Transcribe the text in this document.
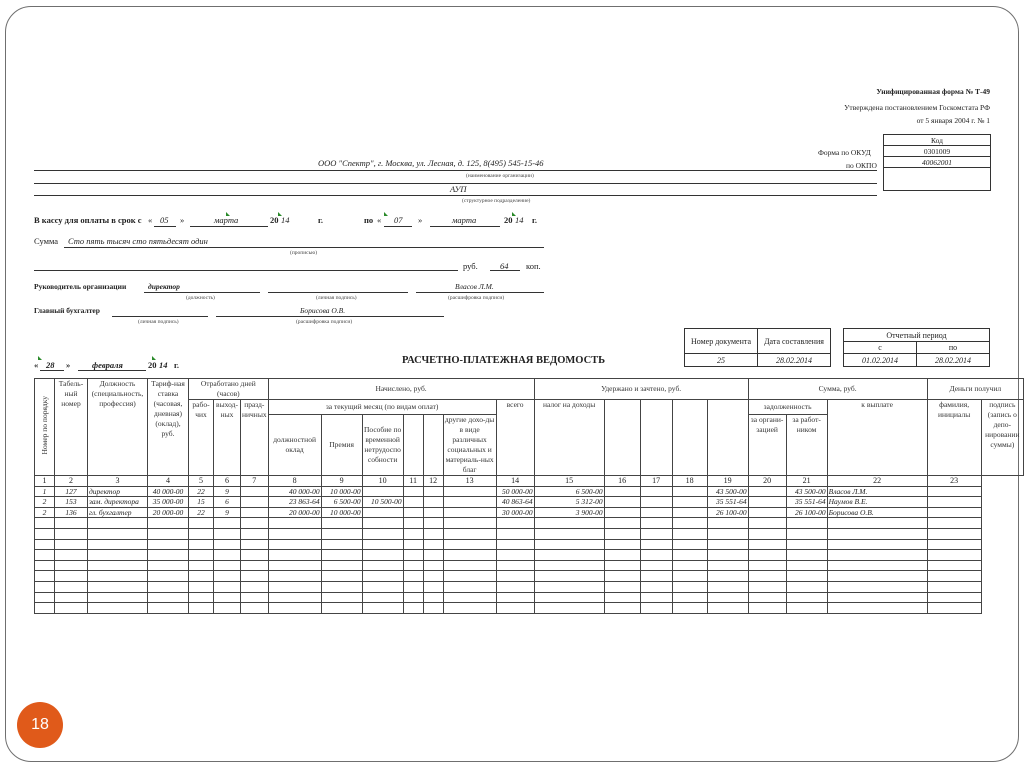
Унифицированная форма № Т-49
Утверждена постановлением Госкомстата РФ
от 5 января 2004 г. № 1
Код
0301009
40062001

Форма по ОКУД
по ОКПО
ООО "Спектр", г. Москва, ул. Лесная, д. 125, 8(495) 545-15-46
(наименование организации)
АУП
(структурное подразделение)
В кассу для оплаты в срок с « 05 »	марта	20 14	г.	по « 07 »	марта	20 14 г.
Сумма Сто пять тысяч сто пятьдесят один
(прописью)
руб.	64 коп.
Руководитель организации	директор
(должность)	(личная подпись)
Власов Л.М.
(расшифровка подписи)
Главный бухгалтер
(личная подпись)
Борисова О.В.
(расшифровка подписи)
Номер документа	Дата составления
25	28.02.2014
Отчетный период	
с	по
01.02.2014	28.02.2014
РАСЧЕТНО-ПЛАТЕЖНАЯ ВЕДОМОСТЬ
« 28 »	февраля	20 14 г.
Номер по порядку	Табель-ный номер	Должность (специальность, профессия)	Тариф-ная ставка (часовая, дневная) (оклад), руб.	Отработано дней (часов)			Начислено, руб.							Удержано и зачтено, руб.					Сумма, руб.			Деньги получил	
				рабо-чих	выход-ных	празд-ничных	за текущий месяц (по видам оплат)						всего	налог на доходы					задолженность		к выплате	фамилия, инициалы	подпись (запись о депо-нировании суммы)
							должностной оклад	Премия	Пособие по временной нетрудоспо собности			другие дохо-ды в виде различных социальных и материаль-ных благ							за органи-зацией	за работ-ником			
1	2	3	4	5	6	7	8	9	10	11	12	13	14	15	16	17	18	19	20	21	22	23	
1	127	директор	40 000-00	22	9		40 000-00	10 000-00					50 000-00	6 500-00				43 500-00		43 500-00	Власов Л.М.		
2	153	зам. директора	35 000-00	15	6		23 863-64	6 500-00	10 500-00				40 863-64	5 312-00				35 551-64		35 551-64	Наумов В.Е.		
2	136	гл. бухгалтер	20 000-00	22	9		20 000-00	10 000-00					30 000-00	3 900-00				26 100-00		26 100-00	Борисова О.В.		

18
